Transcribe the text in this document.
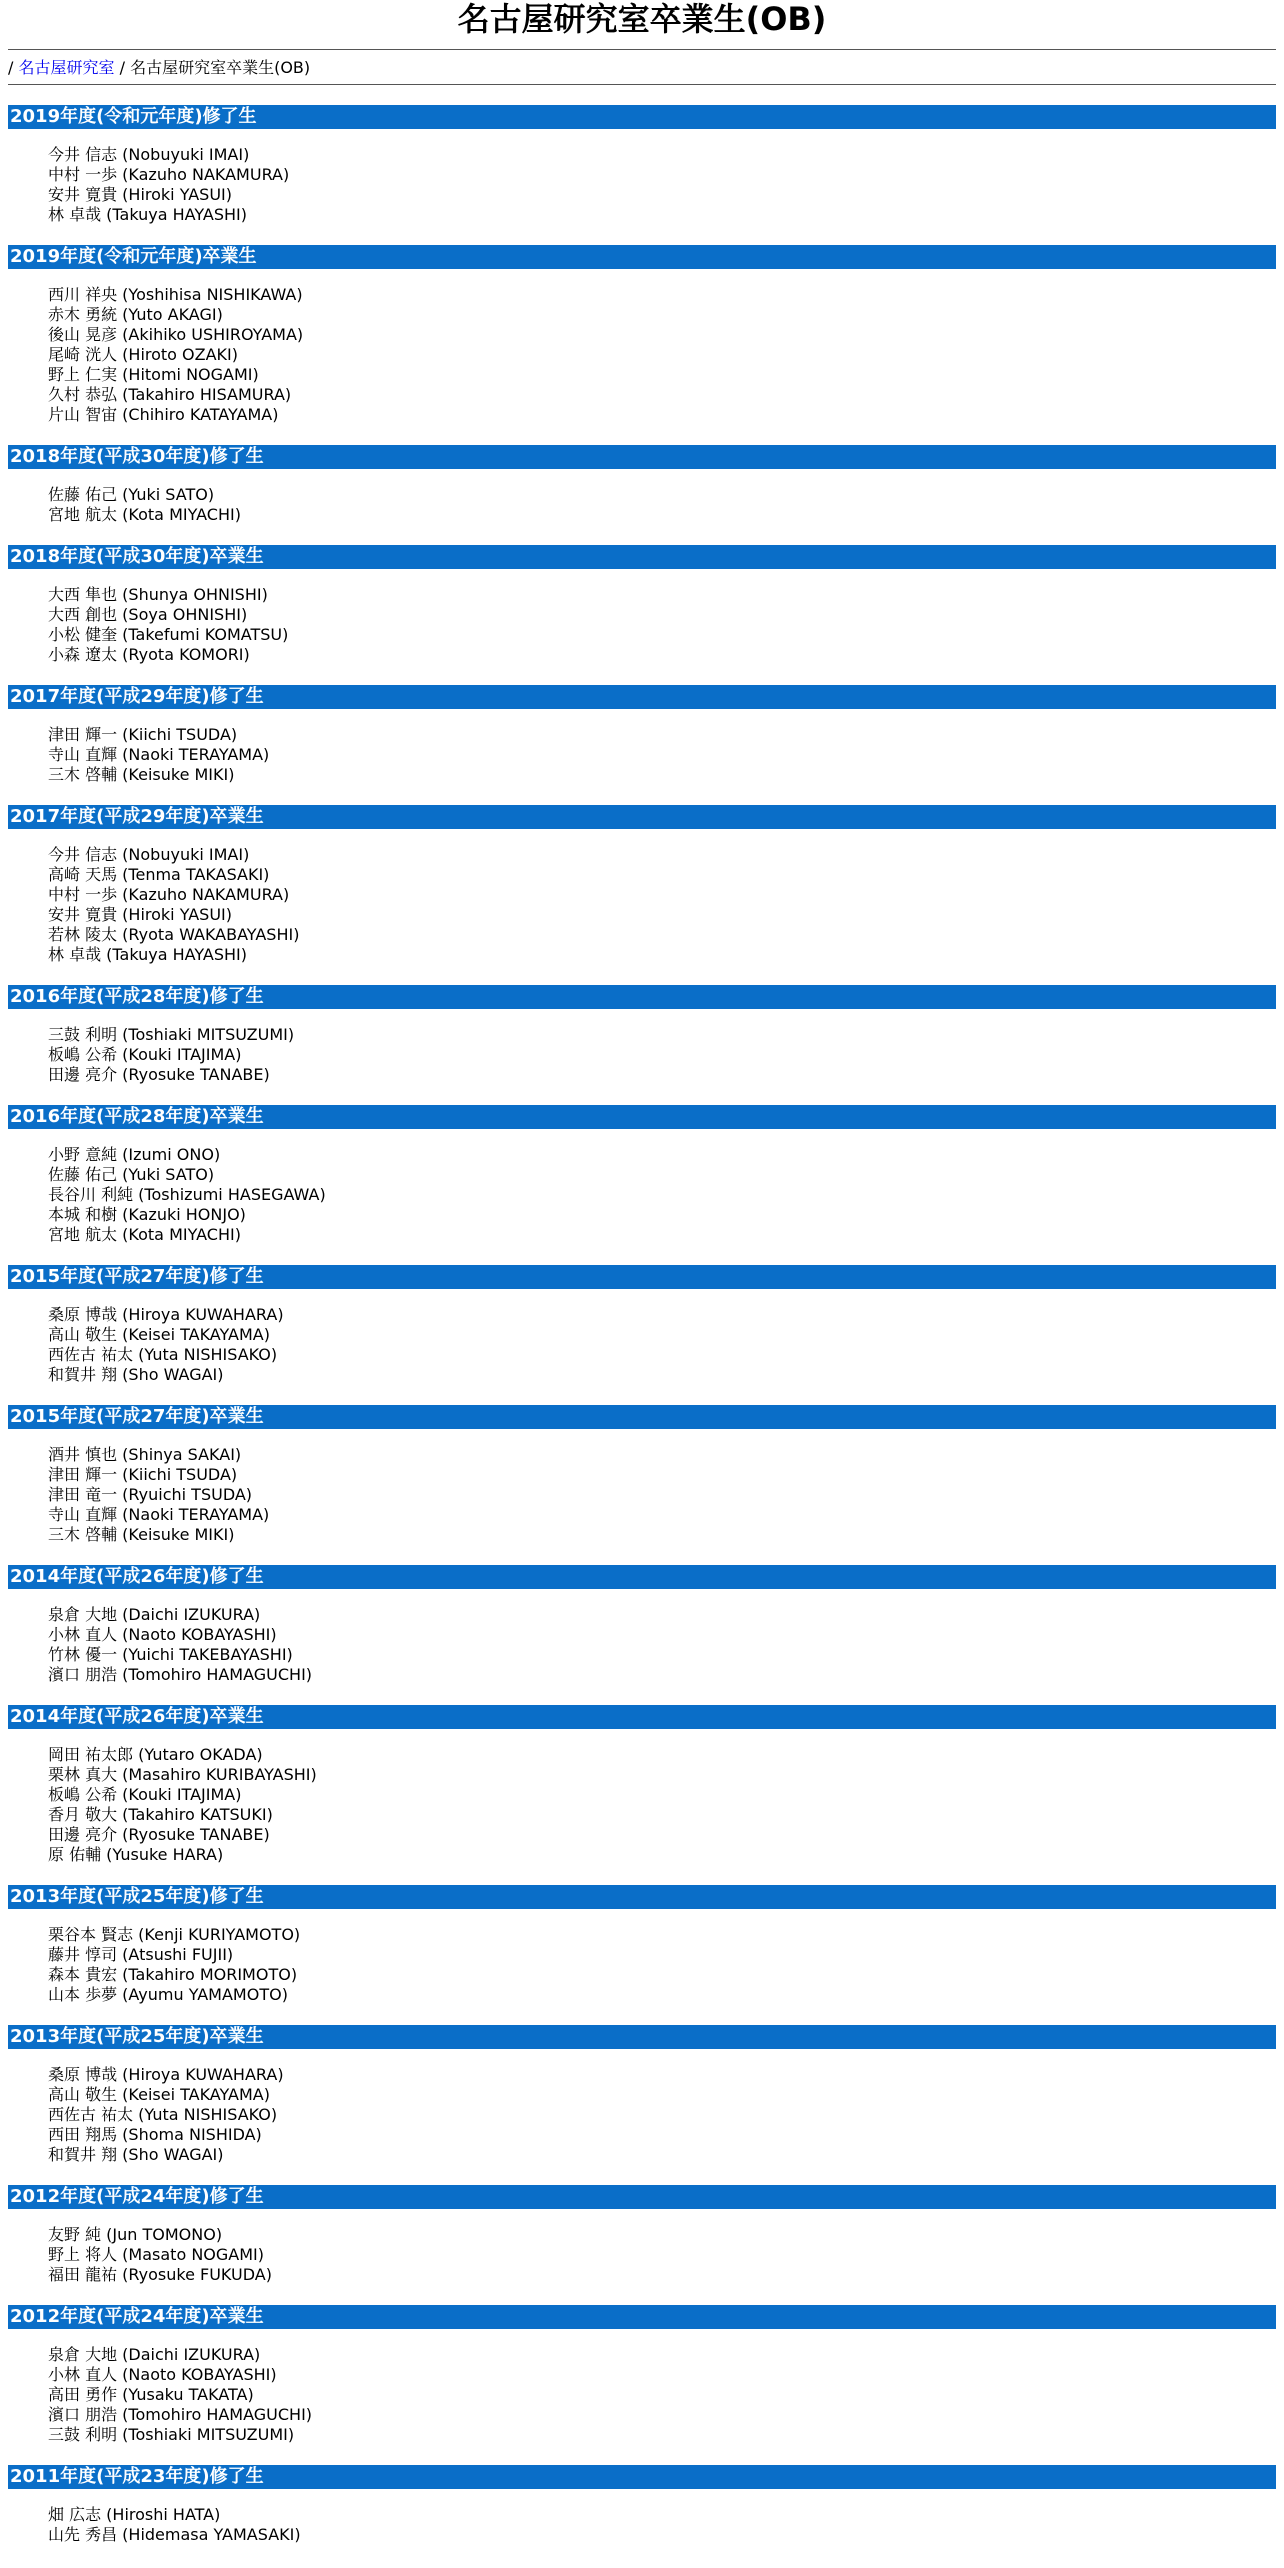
名古屋研究室卒業生(OB)
/ 名古屋研究室 / 名古屋研究室卒業生(OB)
2019年度(令和元年度)修了生
今井 信志 (Nobuyuki IMAI)
中村 一歩 (Kazuho NAKAMURA)
安井 寛貴 (Hiroki YASUI)
林 卓哉 (Takuya HAYASHI)
2019年度(令和元年度)卒業生
西川 祥央 (Yoshihisa NISHIKAWA)
赤木 勇統 (Yuto AKAGI)
後山 晃彦 (Akihiko USHIROYAMA)
尾崎 洸人 (Hiroto OZAKI)
野上 仁実 (Hitomi NOGAMI)
久村 恭弘 (Takahiro HISAMURA)
片山 智宙 (Chihiro KATAYAMA)
2018年度(平成30年度)修了生
佐藤 佑己 (Yuki SATO)
宮地 航太 (Kota MIYACHI)
2018年度(平成30年度)卒業生
大西 隼也 (Shunya OHNISHI)
大西 創也 (Soya OHNISHI)
小松 健奎 (Takefumi KOMATSU)
小森 遼太 (Ryota KOMORI)
2017年度(平成29年度)修了生
津田 輝一 (Kiichi TSUDA)
寺山 直輝 (Naoki TERAYAMA)
三木 啓輔 (Keisuke MIKI)
2017年度(平成29年度)卒業生
今井 信志 (Nobuyuki IMAI)
高崎 天馬 (Tenma TAKASAKI)
中村 一歩 (Kazuho NAKAMURA)
安井 寛貴 (Hiroki YASUI)
若林 陵太 (Ryota WAKABAYASHI)
林 卓哉 (Takuya HAYASHI)
2016年度(平成28年度)修了生
三鼓 利明 (Toshiaki MITSUZUMI)
板嶋 公希 (Kouki ITAJIMA)
田邊 亮介 (Ryosuke TANABE)
2016年度(平成28年度)卒業生
小野 意純 (Izumi ONO)
佐藤 佑己 (Yuki SATO)
長谷川 利純 (Toshizumi HASEGAWA)
本城 和樹 (Kazuki HONJO)
宮地 航太 (Kota MIYACHI)
2015年度(平成27年度)修了生
桑原 博哉 (Hiroya KUWAHARA)
高山 敬生 (Keisei TAKAYAMA)
西佐古 祐太 (Yuta NISHISAKO)
和賀井 翔 (Sho WAGAI)
2015年度(平成27年度)卒業生
酒井 慎也 (Shinya SAKAI)
津田 輝一 (Kiichi TSUDA)
津田 竜一 (Ryuichi TSUDA)
寺山 直輝 (Naoki TERAYAMA)
三木 啓輔 (Keisuke MIKI)
2014年度(平成26年度)修了生
泉倉 大地 (Daichi IZUKURA)
小林 直人 (Naoto KOBAYASHI)
竹林 優一 (Yuichi TAKEBAYASHI)
濱口 朋浩 (Tomohiro HAMAGUCHI)
2014年度(平成26年度)卒業生
岡田 祐太郎 (Yutaro OKADA)
栗林 真大 (Masahiro KURIBAYASHI)
板嶋 公希 (Kouki ITAJIMA)
香月 敬大 (Takahiro KATSUKI)
田邊 亮介 (Ryosuke TANABE)
原 佑輔 (Yusuke HARA)
2013年度(平成25年度)修了生
栗谷本 賢志 (Kenji KURIYAMOTO)
藤井 惇司 (Atsushi FUJII)
森本 貴宏 (Takahiro MORIMOTO)
山本 歩夢 (Ayumu YAMAMOTO)
2013年度(平成25年度)卒業生
桑原 博哉 (Hiroya KUWAHARA)
高山 敬生 (Keisei TAKAYAMA)
西佐古 祐太 (Yuta NISHISAKO)
西田 翔馬 (Shoma NISHIDA)
和賀井 翔 (Sho WAGAI)
2012年度(平成24年度)修了生
友野 純 (Jun TOMONO)
野上 将人 (Masato NOGAMI)
福田 龍祐 (Ryosuke FUKUDA)
2012年度(平成24年度)卒業生
泉倉 大地 (Daichi IZUKURA)
小林 直人 (Naoto KOBAYASHI)
高田 勇作 (Yusaku TAKATA)
濱口 朋浩 (Tomohiro HAMAGUCHI)
三鼓 利明 (Toshiaki MITSUZUMI)
2011年度(平成23年度)修了生
畑 広志 (Hiroshi HATA)
山先 秀昌 (Hidemasa YAMASAKI)
